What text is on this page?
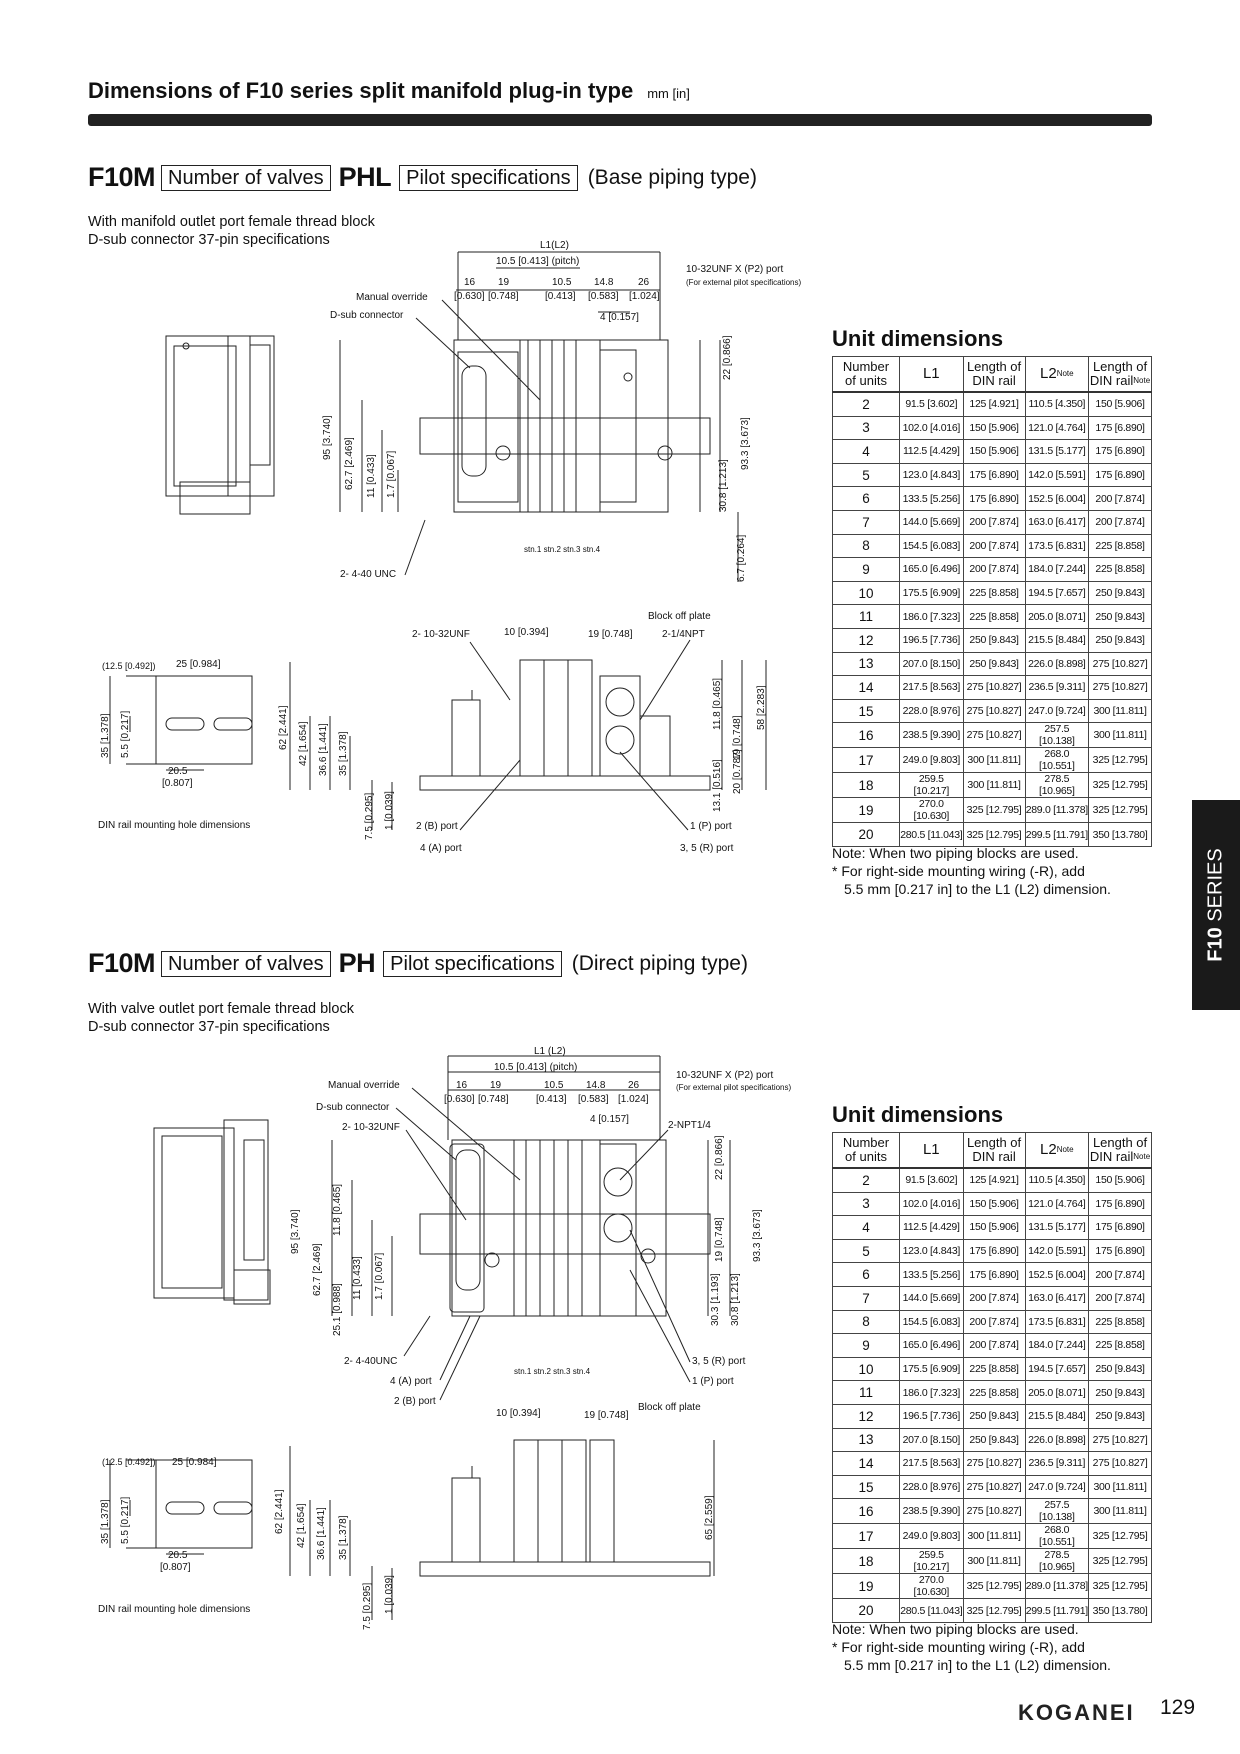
Dimensions of F10 series split manifold plug-in type mm [in]
F10M Number of valves PHL Pilot specifications (Base piping type)
With manifold outlet port female thread block
D-sub connector 37-pin specifications	L1(L2)
10.5 [0.413] (pitch)
16 19	10.5 14.8 26
[0.630] [0.748]	[0.413] [0.583] [1.024]
4 [0.157]
10-32UNF X (P2) port
(For external pilot specifications)
Manual override
D-sub connector
2- 4-40 UNC
stn.1 stn.2 stn.3 stn.4
95 [3.740] 62.7 [2.469] 11 [0.433] 1.7 [0.067]
22 [0.866]
93.3 [3.673]
30.8 [1.213]
6.7 [0.264]
2- 10-32UNF	10 [0.394]	19 [0.748]
Block off plate
2-1/4NPT
(12.5 [0.492]) 25 [0.984]
35 [1.378] 5.5 [0.217]
20.5
[0.807]
DIN rail mounting hole dimensions
62 [2.441] 42 [1.654] 36.6 [1.441] 35 [1.378]
7.5 [0.295] 1 [0.039]
11.8 [0.465]
19 [0.748]
58 [2.283]
13.1 [0.516] 20 [0.787]
2 (B) port
4 (A) port
1 (P) port
3, 5 (R) port
Unit dimensions
Number
of units	L1	Length of
DIN rail	L2Note	Length of
DIN railNote
2	91.5 [3.602]	125 [4.921]	110.5 [4.350]	150 [5.906]
3	102.0 [4.016]	150 [5.906]	121.0 [4.764]	175 [6.890]
4	112.5 [4.429]	150 [5.906]	131.5 [5.177]	175 [6.890]
5	123.0 [4.843]	175 [6.890]	142.0 [5.591]	175 [6.890]
6	133.5 [5.256]	175 [6.890]	152.5 [6.004]	200 [7.874]
7	144.0 [5.669]	200 [7.874]	163.0 [6.417]	200 [7.874]
8	154.5 [6.083]	200 [7.874]	173.5 [6.831]	225 [8.858]
9	165.0 [6.496]	200 [7.874]	184.0 [7.244]	225 [8.858]
10	175.5 [6.909]	225 [8.858]	194.5 [7.657]	250 [9.843]
11	186.0 [7.323]	225 [8.858]	205.0 [8.071]	250 [9.843]
12	196.5 [7.736]	250 [9.843]	215.5 [8.484]	250 [9.843]
13	207.0 [8.150]	250 [9.843]	226.0 [8.898]	275 [10.827]
14	217.5 [8.563]	275 [10.827]	236.5 [9.311]	275 [10.827]
15	228.0 [8.976]	275 [10.827]	247.0 [9.724]	300 [11.811]
16	238.5 [9.390]	275 [10.827]	257.5 [10.138]	300 [11.811]
17	249.0 [9.803]	300 [11.811]	268.0 [10.551]	325 [12.795]
18	259.5 [10.217]	300 [11.811]	278.5 [10.965]	325 [12.795]
19	270.0 [10.630]	325 [12.795]	289.0 [11.378]	325 [12.795]
20	280.5 [11.043]	325 [12.795]	299.5 [11.791]	350 [13.780]
Note: When two piping blocks are used.
* For right-side mounting wiring (-R), add
5.5 mm [0.217 in] to the L1 (L2) dimension.
F10 SERIES
F10M Number of valves PH Pilot specifications (Direct piping type)
With valve outlet port female thread block
D-sub connector 37-pin specifications
L1 (L2)
10.5 [0.413] (pitch)
16 19	10.5 14.8 26
[0.630] [0.748]	[0.413] [0.583] [1.024]
4 [0.157]
10-32UNF X (P2) port
(For external pilot specifications)
Manual override
D-sub connector
2- 10-32UNF	2-NPT1/4
95 [3.740]
62.7 [2.469]
25.1 [0.988]
11.8 [0.465]
11 [0.433] 1.7 [0.067]
22 [0.866]
19 [0.748]	93.3 [3.673]
30.3 [1.193] 30.8 [1.213]
2- 4-40UNC
4 (A) port
2 (B) port
stn.1 stn.2 stn.3 stn.4
3, 5 (R) port
1 (P) port
10 [0.394]	19 [0.748]
Block off plate
(12.5 [0.492]) 25 [0.984]
35 [1.378] 5.5 [0.217]
20.5
[0.807]
DIN rail mounting hole dimensions
62 [2.441] 42 [1.654] 36.6 [1.441] 35 [1.378]
7.5 [0.295] 1 [0.039]
65 [2.559]
Unit dimensions
Number
of units	L1	Length of
DIN rail	L2Note	Length of
DIN railNote
2	91.5 [3.602]	125 [4.921]	110.5 [4.350]	150 [5.906]
3	102.0 [4.016]	150 [5.906]	121.0 [4.764]	175 [6.890]
4	112.5 [4.429]	150 [5.906]	131.5 [5.177]	175 [6.890]
5	123.0 [4.843]	175 [6.890]	142.0 [5.591]	175 [6.890]
6	133.5 [5.256]	175 [6.890]	152.5 [6.004]	200 [7.874]
7	144.0 [5.669]	200 [7.874]	163.0 [6.417]	200 [7.874]
8	154.5 [6.083]	200 [7.874]	173.5 [6.831]	225 [8.858]
9	165.0 [6.496]	200 [7.874]	184.0 [7.244]	225 [8.858]
10	175.5 [6.909]	225 [8.858]	194.5 [7.657]	250 [9.843]
11	186.0 [7.323]	225 [8.858]	205.0 [8.071]	250 [9.843]
12	196.5 [7.736]	250 [9.843]	215.5 [8.484]	250 [9.843]
13	207.0 [8.150]	250 [9.843]	226.0 [8.898]	275 [10.827]
14	217.5 [8.563]	275 [10.827]	236.5 [9.311]	275 [10.827]
15	228.0 [8.976]	275 [10.827]	247.0 [9.724]	300 [11.811]
16	238.5 [9.390]	275 [10.827]	257.5 [10.138]	300 [11.811]
17	249.0 [9.803]	300 [11.811]	268.0 [10.551]	325 [12.795]
18	259.5 [10.217]	300 [11.811]	278.5 [10.965]	325 [12.795]
19	270.0 [10.630]	325 [12.795]	289.0 [11.378]	325 [12.795]
20	280.5 [11.043]	325 [12.795]	299.5 [11.791]	350 [13.780]
Note: When two piping blocks are used.
* For right-side mounting wiring (-R), add
5.5 mm [0.217 in] to the L1 (L2) dimension.
KOGANEI 129
